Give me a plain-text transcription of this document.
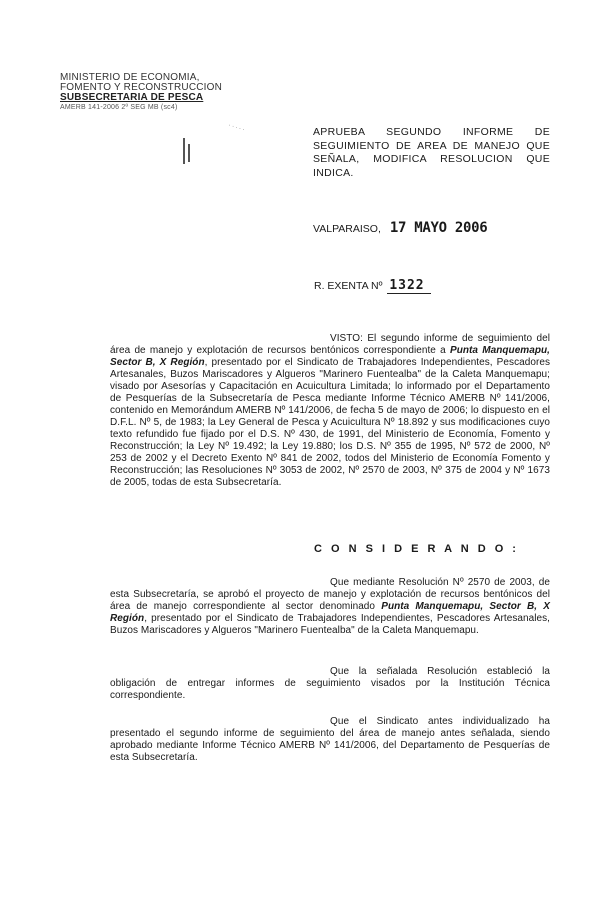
MINISTERIO DE ECONOMIA,
FOMENTO Y RECONSTRUCCION
SUBSECRETARIA DE PESCA
AMERB 141-2006 2º SEG MB (sc4)
· · · · ·	APRUEBA SEGUNDO INFORME DE SEGUIMIENTO DE AREA DE MANEJO QUE SEÑALA, MODIFICA RESOLUCION QUE INDICA.
VALPARAISO, 17 MAYO 2006
R. EXENTA Nº 1322
VISTO: El segundo informe de seguimiento del área de manejo y explotación de recursos bentónicos correspondiente a Punta Manquemapu, Sector B, X Región, presentado por el Sindicato de Trabajadores Independientes, Pescadores Artesanales, Buzos Mariscadores y Algueros "Marinero Fuentealba" de la Caleta Manquemapu; visado por Asesorías y Capacitación en Acuicultura Limitada; lo informado por el Departamento de Pesquerías de la Subsecretaría de Pesca mediante Informe Técnico AMERB Nº 141/2006, contenido en Memorándum AMERB Nº 141/2006, de fecha 5 de mayo de 2006; lo dispuesto en el D.F.L. Nº 5, de 1983; la Ley General de Pesca y Acuicultura Nº 18.892 y sus modificaciones cuyo texto refundido fue fijado por el D.S. Nº 430, de 1991, del Ministerio de Economía, Fomento y Reconstrucción; la Ley Nº 19.492; la Ley 19.880; los D.S. Nº 355 de 1995, Nº 572 de 2000, Nº 253 de 2002 y el Decreto Exento Nº 841 de 2002, todos del Ministerio de Economía Fomento y Reconstrucción; las Resoluciones Nº 3053 de 2002, Nº 2570 de 2003, Nº 375 de 2004 y Nº 1673 de 2005, todas de esta Subsecretaría.
C O N S I D E R A N D O :
Que mediante Resolución Nº 2570 de 2003, de esta Subsecretaría, se aprobó el proyecto de manejo y explotación de recursos bentónicos del área de manejo correspondiente al sector denominado Punta Manquemapu, Sector B, X Región, presentado por el Sindicato de Trabajadores Independientes, Pescadores Artesanales, Buzos Mariscadores y Algueros "Marinero Fuentealba" de la Caleta Manquemapu.
Que la señalada Resolución estableció la obligación de entregar informes de seguimiento visados por la Institución Técnica correspondiente.
Que el Sindicato antes individualizado ha presentado el segundo informe de seguimiento del área de manejo antes señalada, siendo aprobado mediante Informe Técnico AMERB Nº 141/2006, del Departamento de Pesquerías de esta Subsecretaría.
